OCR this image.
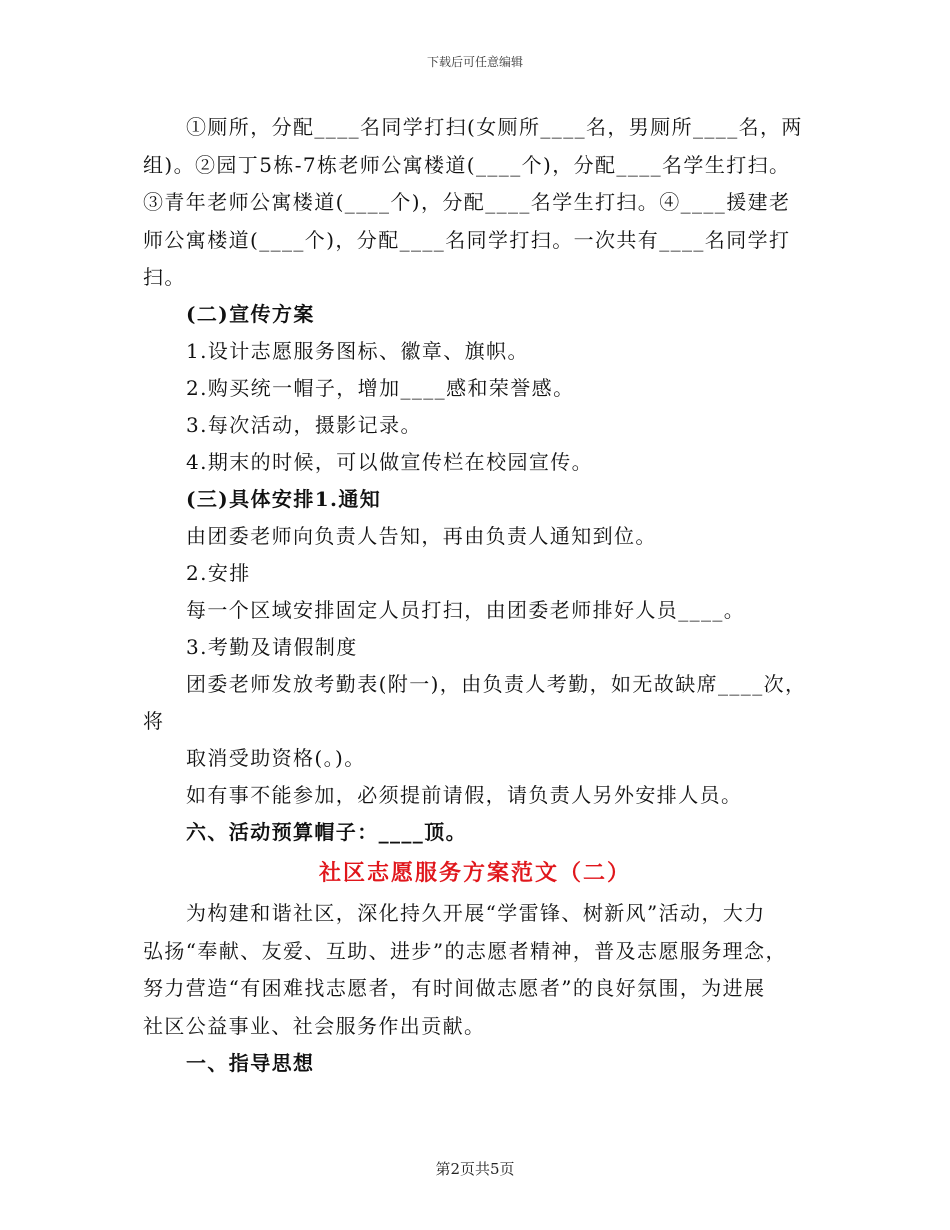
下载后可任意编辑
①厕所，分配____名同学打扫(女厕所____名，男厕所____名，两
组)。②园丁5栋-7栋老师公寓楼道(____个)，分配____名学生打扫。
③青年老师公寓楼道(____个)，分配____名学生打扫。④____援建老
师公寓楼道(____个)，分配____名同学打扫。一次共有____名同学打
扫。
(二)宣传方案
1.设计志愿服务图标、徽章、旗帜。
2.购买统一帽子，增加____感和荣誉感。
3.每次活动，摄影记录。
4.期末的时候，可以做宣传栏在校园宣传。
(三)具体安排1.通知
由团委老师向负责人告知，再由负责人通知到位。
2.安排
每一个区域安排固定人员打扫，由团委老师排好人员____。
3.考勤及请假制度
团委老师发放考勤表(附一)，由负责人考勤，如无故缺席____次，
将
取消受助资格(。)。
如有事不能参加，必须提前请假，请负责人另外安排人员。
六、活动预算帽子：____顶。
社区志愿服务方案范文（二）
为构建和谐社区，深化持久开展“学雷锋、树新风”活动，大力
弘扬“奉献、友爱、互助、进步”的志愿者精神，普及志愿服务理念，
努力营造“有困难找志愿者，有时间做志愿者”的良好氛围，为进展
社区公益事业、社会服务作出贡献。
一、指导思想
第2页共5页
